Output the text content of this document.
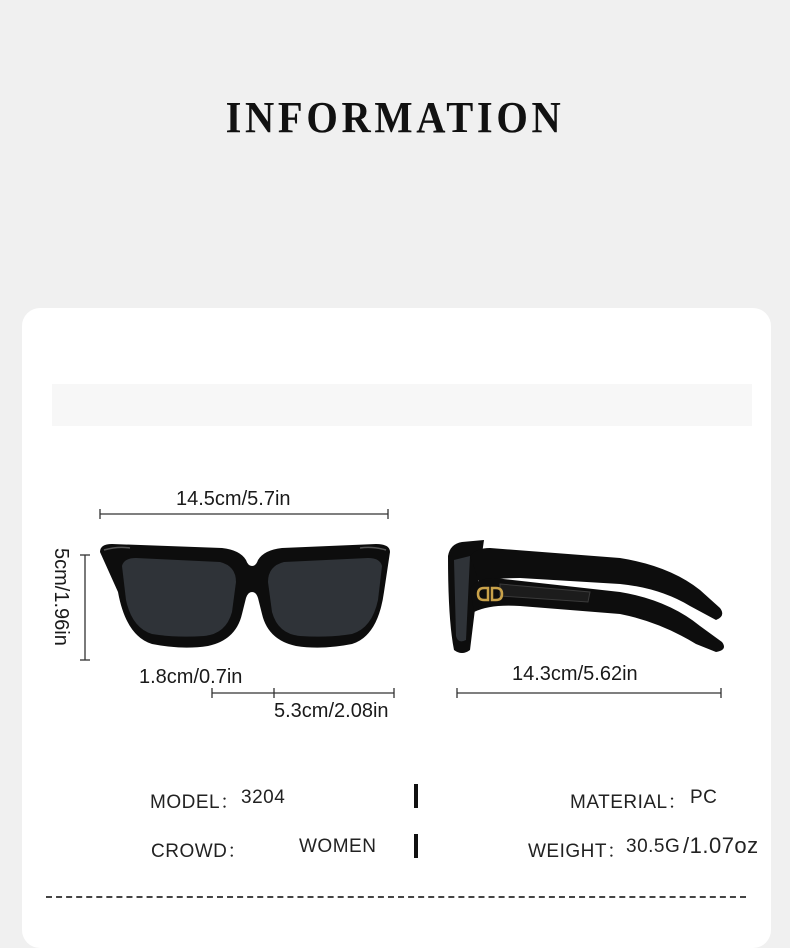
INFORMATION
14.5cm/5.7in
5cm/1.96in
1.8cm/0.7in
5.3cm/2.08in
14.3cm/5.62in
MODEL： 3204	MATERIAL： PC
CROWD：	WOMEN	WEIGHT： 30.5G /1.07oz
